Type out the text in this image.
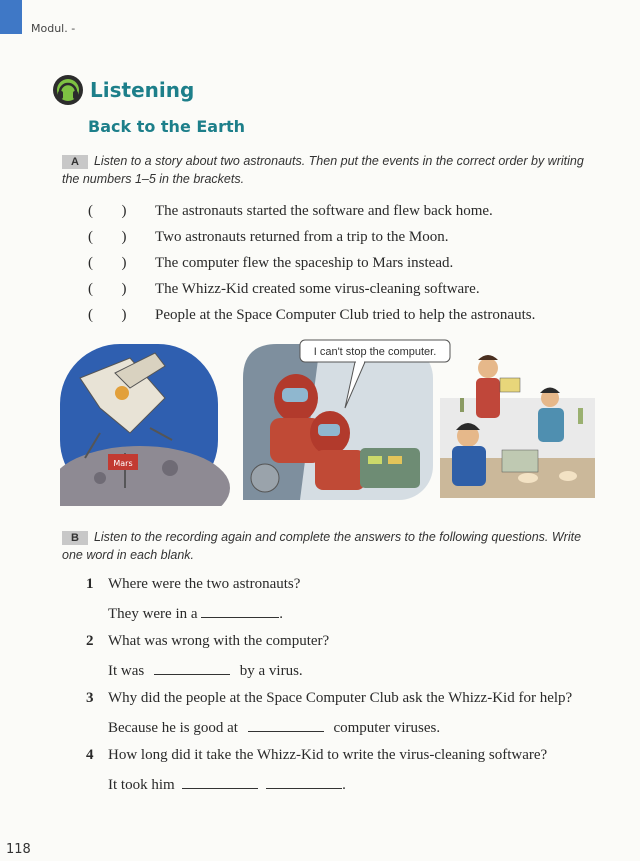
Modul. -
Listening
Back to the Earth
A Listen to a story about two astronauts. Then put the events in the correct order by writing the numbers 1–5 in the brackets.
(	)	The astronauts started the software and flew back home.
(	)	Two astronauts returned from a trip to the Moon.
(	)	The computer flew the spaceship to Mars instead.
(	)	The Whizz-Kid created some virus-cleaning software.
(	)	People at the Space Computer Club tried to help the astronauts.
Mars
I can't stop the computer.
B Listen to the recording again and complete the answers to the following questions. Write one word in each blank.
1 Where were the two astronauts?
They were in a	.
2 What was wrong with the computer?
It was	by a virus.
3 Why did the people at the Space Computer Club ask the Whizz-Kid for help?
Because he is good at	computer viruses.
4 How long did it take the Whizz-Kid to write the virus-cleaning software?
It took him	.
118
